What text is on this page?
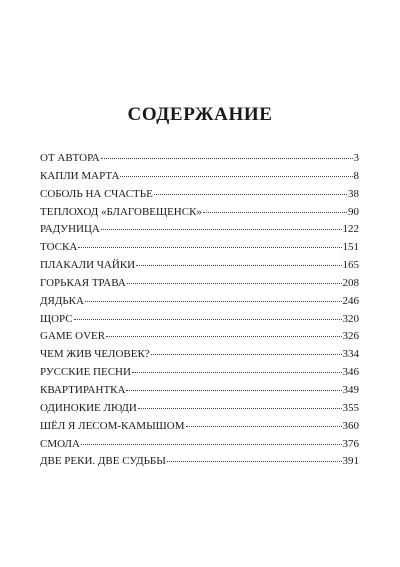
СОДЕРЖАНИЕ
ОТ АВТОРА	3
КАПЛИ МАРТА	8
СОБОЛЬ НА СЧАСТЬЕ	38
ТЕПЛОХОД «БЛАГОВЕЩЕНСК»	90
РАДУНИЦА	122
ТОСКА	151
ПЛАКАЛИ ЧАЙКИ	165
ГОРЬКАЯ ТРАВА	208
ДЯДЬКА	246
ЩОРС	320
GAME OVER	326
ЧЕМ ЖИВ ЧЕЛОВЕК?	334
РУССКИЕ ПЕСНИ	346
КВАРТИРАНТКА	349
ОДИНОКИЕ ЛЮДИ	355
ШЁЛ Я ЛЕСОМ-КАМЫШОМ	360
СМОЛА	376
ДВЕ РЕКИ. ДВЕ СУДЬБЫ	391
